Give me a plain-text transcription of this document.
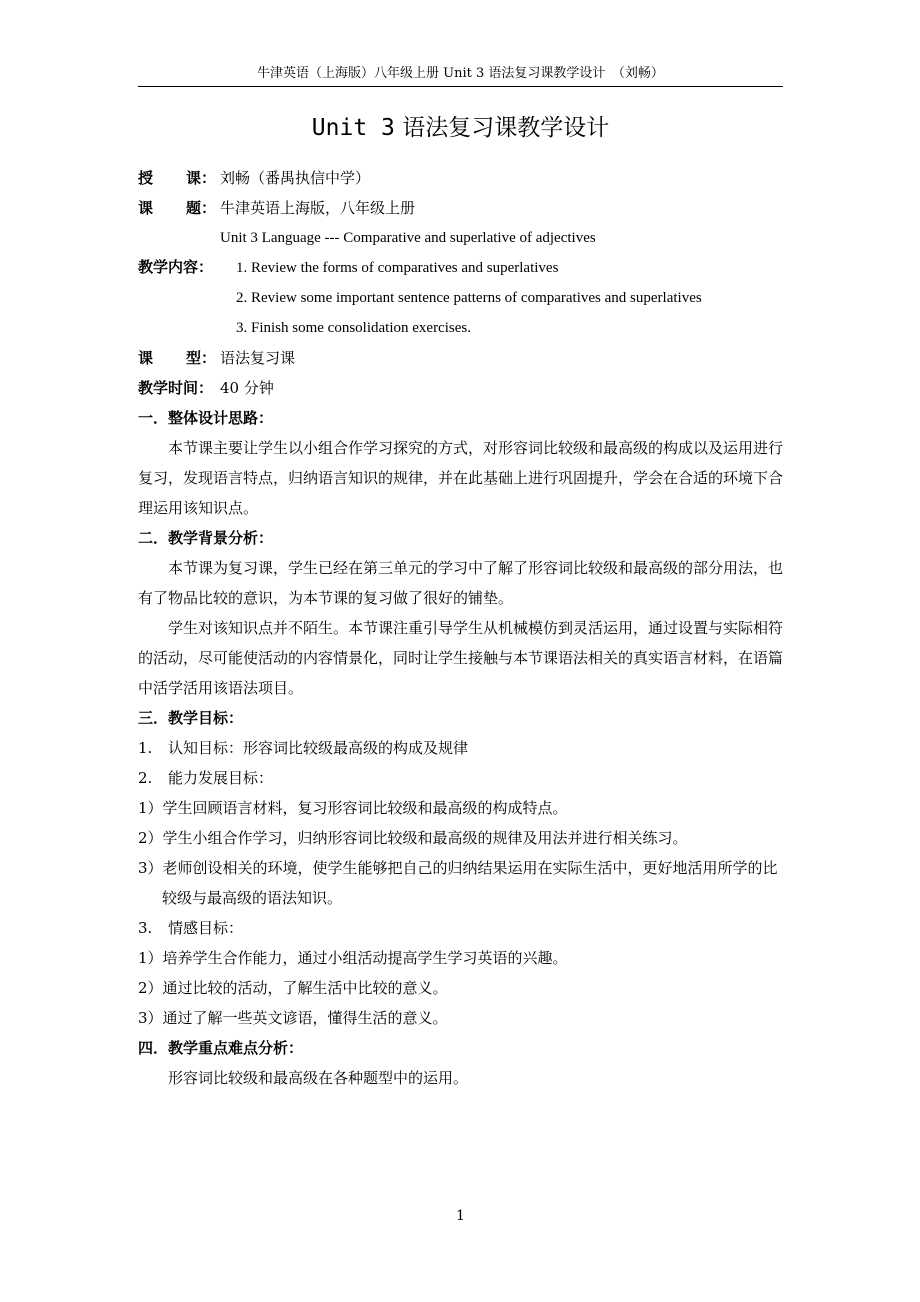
牛津英语（上海版）八年级上册 Unit 3 语法复习课教学设计　（刘畅）
Unit 3 语法复习课教学设计
授 课： 刘畅（番禺执信中学）
课 题： 牛津英语上海版，八年级上册
Unit 3 Language --- Comparative and superlative of adjectives
教学内容： 1. Review the forms of comparatives and superlatives
2. Review some important sentence patterns of comparatives and superlatives
3. Finish some consolidation exercises.
课 型： 语法复习课
教学时间： 40 分钟
一．整体设计思路：
本节课主要让学生以小组合作学习探究的方式，对形容词比较级和最高级的构成以及运用进行复习，发现语言特点，归纳语言知识的规律，并在此基础上进行巩固提升，学会在合适的环境下合理运用该知识点。
二．教学背景分析：
本节课为复习课，学生已经在第三单元的学习中了解了形容词比较级和最高级的部分用法，也有了物品比较的意识，为本节课的复习做了很好的铺垫。
学生对该知识点并不陌生。本节课注重引导学生从机械模仿到灵活运用，通过设置与实际相符的活动，尽可能使活动的内容情景化，同时让学生接触与本节课语法相关的真实语言材料，在语篇中活学活用该语法项目。
三．教学目标：
1. 认知目标：形容词比较级最高级的构成及规律
2. 能力发展目标：
1）学生回顾语言材料，复习形容词比较级和最高级的构成特点。
2）学生小组合作学习，归纳形容词比较级和最高级的规律及用法并进行相关练习。
3）老师创设相关的环境，使学生能够把自己的归纳结果运用在实际生活中，更好地活用所学的比较级与最高级的语法知识。
3. 情感目标：
1）培养学生合作能力，通过小组活动提高学生学习英语的兴趣。
2）通过比较的活动，了解生活中比较的意义。
3）通过了解一些英文谚语，懂得生活的意义。
四．教学重点难点分析：
形容词比较级和最高级在各种题型中的运用。
1
